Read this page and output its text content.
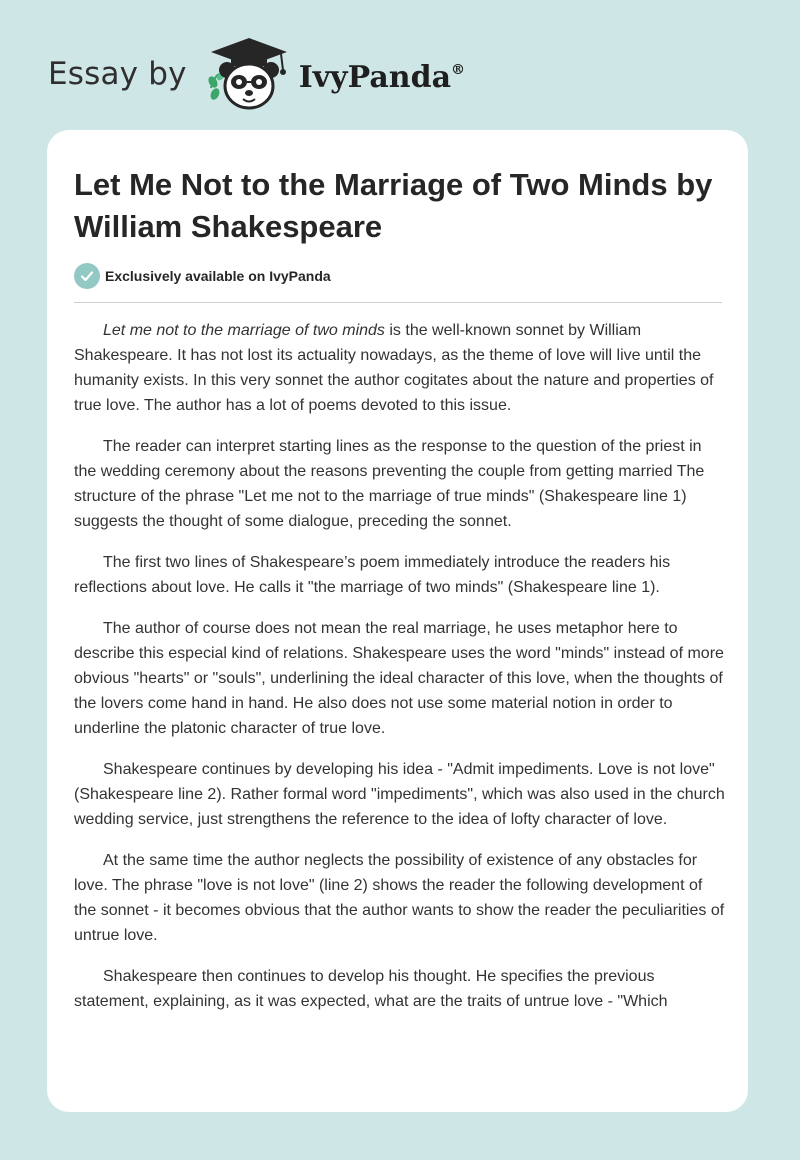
Essay by	IvyPanda®
Let Me Not to the Marriage of Two Minds by William Shakespeare
Exclusively available on IvyPanda

Let me not to the marriage of two minds is the well-known sonnet by William Shakespeare. It has not lost its actuality nowadays, as the theme of love will live until the humanity exists. In this very sonnet the author cogitates about the nature and properties of true love. The author has a lot of poems devoted to this issue.

The reader can interpret starting lines as the response to the question of the priest in the wedding ceremony about the reasons preventing the couple from getting married The structure of the phrase "Let me not to the marriage of true minds" (Shakespeare line 1) suggests the thought of some dialogue, preceding the sonnet.

The first two lines of Shakespeare’s poem immediately introduce the readers his reflections about love. He calls it "the marriage of two minds" (Shakespeare line 1).

The author of course does not mean the real marriage, he uses metaphor here to describe this especial kind of relations. Shakespeare uses the word "minds" instead of more obvious "hearts" or "souls", underlining the ideal character of this love, when the thoughts of the lovers come hand in hand. He also does not use some material notion in order to underline the platonic character of true love.

Shakespeare continues by developing his idea - "Admit impediments. Love is not love" (Shakespeare line 2). Rather formal word "impediments", which was also used in the church wedding service, just strengthens the reference to the idea of lofty character of love.

At the same time the author neglects the possibility of existence of any obstacles for love. The phrase "love is not love" (line 2) shows the reader the following development of the sonnet - it becomes obvious that the author wants to show the reader the peculiarities of untrue love.

Shakespeare then continues to develop his thought. He specifies the previous statement, explaining, as it was expected, what are the traits of untrue love - "Which
